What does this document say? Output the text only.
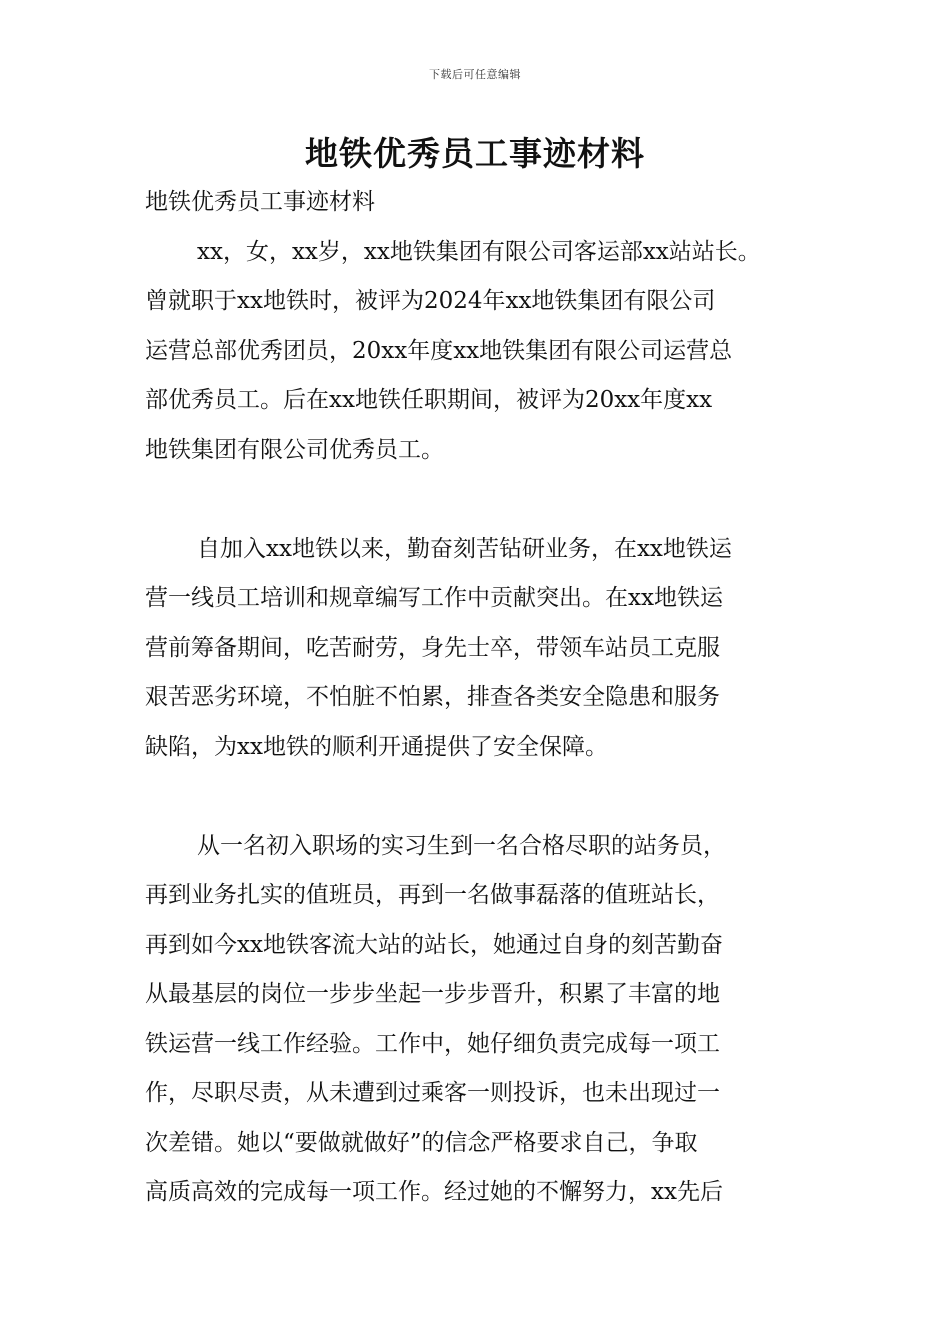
下载后可任意编辑
地铁优秀员工事迹材料

地铁优秀员工事迹材料

xx，女，xx岁，xx地铁集团有限公司客运部xx站站长。
曾就职于xx地铁时，被评为2024年xx地铁集团有限公司
运营总部优秀团员，20xx年度xx地铁集团有限公司运营总
部优秀员工。后在xx地铁任职期间，被评为20xx年度xx
地铁集团有限公司优秀员工。

自加入xx地铁以来，勤奋刻苦钻研业务，在xx地铁运
营一线员工培训和规章编写工作中贡献突出。在xx地铁运
营前筹备期间，吃苦耐劳，身先士卒，带领车站员工克服
艰苦恶劣环境，不怕脏不怕累，排查各类安全隐患和服务
缺陷，为xx地铁的顺利开通提供了安全保障。

从一名初入职场的实习生到一名合格尽职的站务员，
再到业务扎实的值班员，再到一名做事磊落的值班站长，
再到如今xx地铁客流大站的站长，她通过自身的刻苦勤奋
从最基层的岗位一步步坐起一步步晋升，积累了丰富的地
铁运营一线工作经验。工作中，她仔细负责完成每一项工
作，尽职尽责，从未遭到过乘客一则投诉，也未出现过一
次差错。她以“要做就做好”的信念严格要求自己，争取
高质高效的完成每一项工作。经过她的不懈努力，xx先后
